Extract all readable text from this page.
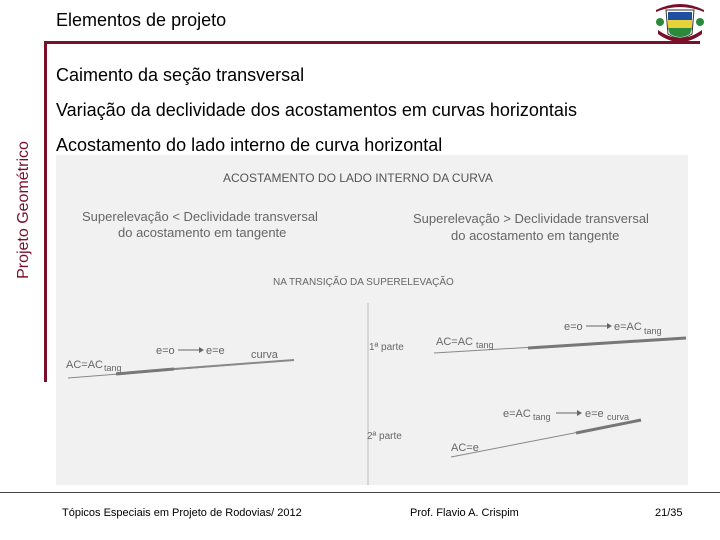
Projeto Geométrico
Elementos de projeto
Caimento da seção transversal
Variação da declividade dos acostamentos em curvas horizontais
Acostamento do lado interno de curva horizontal
ACOSTAMENTO DO LADO INTERNO DA CURVA
Superelevação < Declividade transversal
do acostamento em tangente
Superelevação > Declividade transversal
do acostamento em tangente
NA TRANSIÇÃO DA SUPERELEVAÇÃO
AC=AC tang
e=o	e=e curva
1ª parte	AC=AC tang
e=o	e=AC tang
2ª parte
e=AC tang	e=e curva
AC=e
Tópicos Especiais em Projeto de Rodovias/ 2012	Prof. Flavio A. Crispim	21/35
